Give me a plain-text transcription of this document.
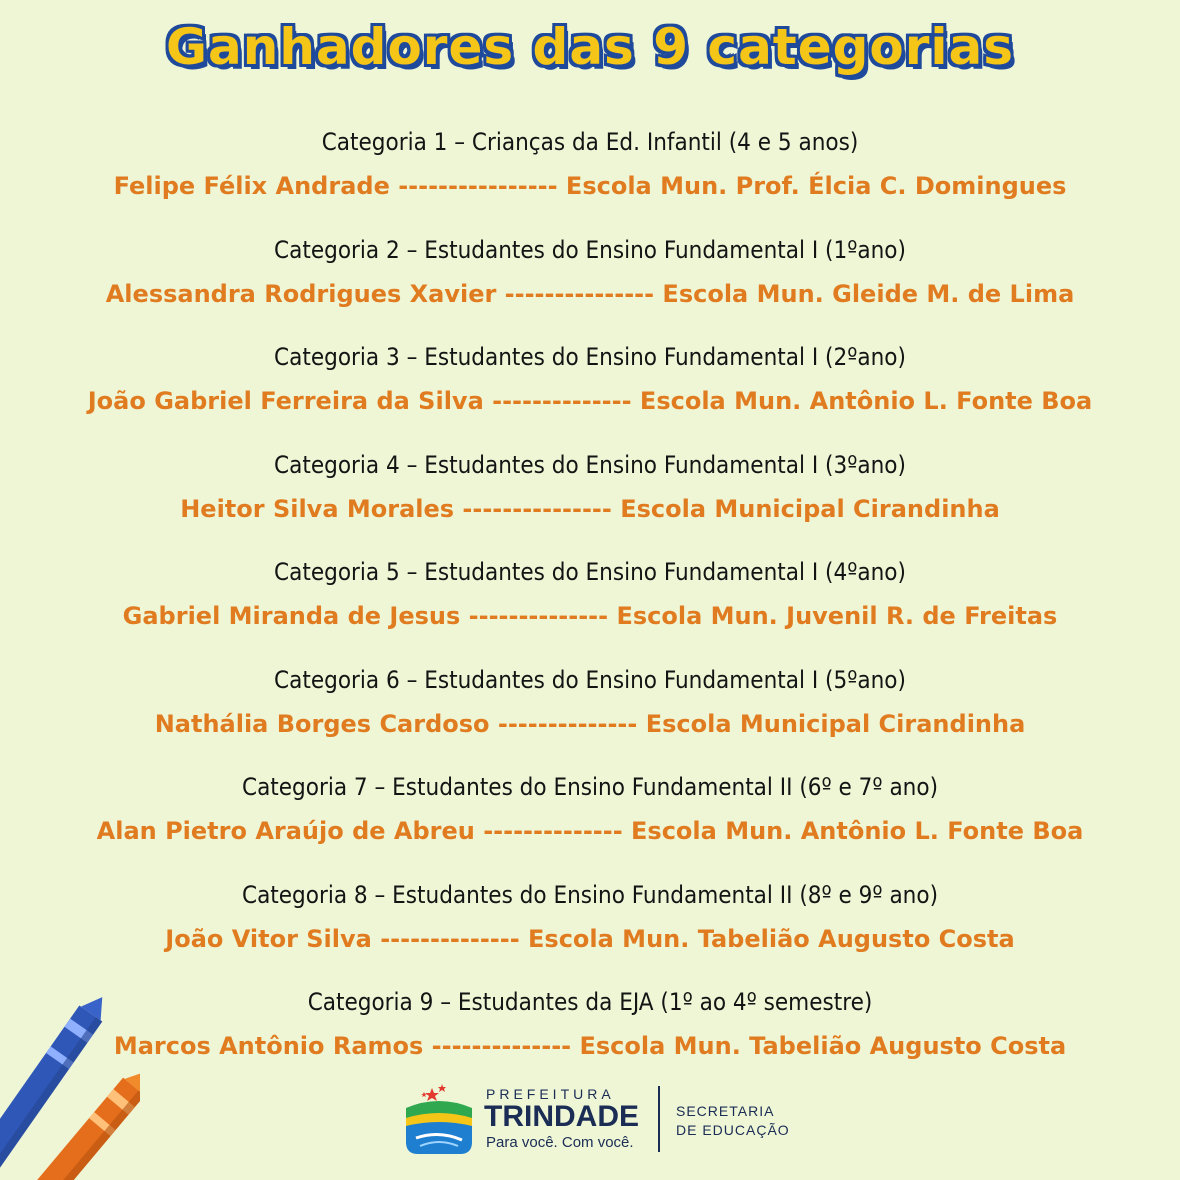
Ganhadores das 9 categorias
Categoria 1 – Crianças da Ed. Infantil (4 e 5 anos)
Felipe Félix Andrade ---------------- Escola Mun. Prof. Élcia C. Domingues
Categoria 2 – Estudantes do Ensino Fundamental I (1ºano)
Alessandra Rodrigues Xavier --------------- Escola Mun. Gleide M. de Lima
Categoria 3 – Estudantes do Ensino Fundamental I (2ºano)
João Gabriel Ferreira da Silva -------------- Escola Mun. Antônio L. Fonte Boa
Categoria 4 – Estudantes do Ensino Fundamental I (3ºano)
Heitor Silva Morales --------------- Escola Municipal Cirandinha
Categoria 5 – Estudantes do Ensino Fundamental I (4ºano)
Gabriel Miranda de Jesus -------------- Escola Mun. Juvenil R. de Freitas
Categoria 6 – Estudantes do Ensino Fundamental I (5ºano)
Nathália Borges Cardoso -------------- Escola Municipal Cirandinha
Categoria 7 – Estudantes do Ensino Fundamental II (6º e 7º ano)
Alan Pietro Araújo de Abreu -------------- Escola Mun. Antônio L. Fonte Boa
Categoria 8 – Estudantes do Ensino Fundamental II (8º e 9º ano)
João Vitor Silva -------------- Escola Mun. Tabelião Augusto Costa
Categoria 9 – Estudantes da EJA (1º ao 4º semestre)
Marcos Antônio Ramos -------------- Escola Mun. Tabelião Augusto Costa
PREFEITURA
TRINDADE
Para você. Com você.
SECRETARIA
DE EDUCAÇÃO
